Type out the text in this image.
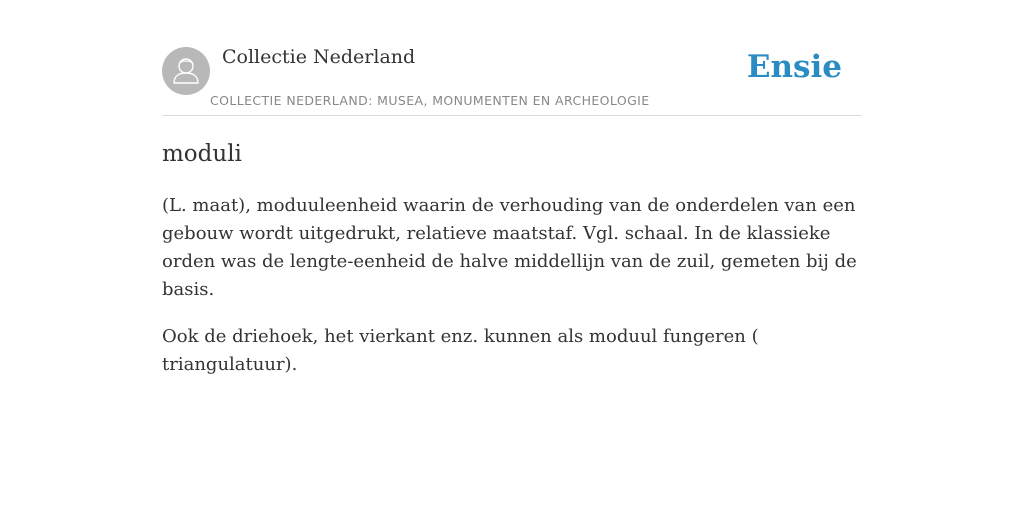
Collectie Nederland
COLLECTIE NEDERLAND: MUSEA, MONUMENTEN EN ARCHEOLOGIE
Ensie
moduli

(L. maat), moduuleenheid waarin de verhouding van de onderdelen van een gebouw wordt uitgedrukt, relatieve maatstaf. Vgl. schaal. In de klassieke orden was de lengte-eenheid de halve middellijn van de zuil, gemeten bij de basis.

Ook de driehoek, het vierkant enz. kunnen als moduul fungeren ( triangulatuur).
